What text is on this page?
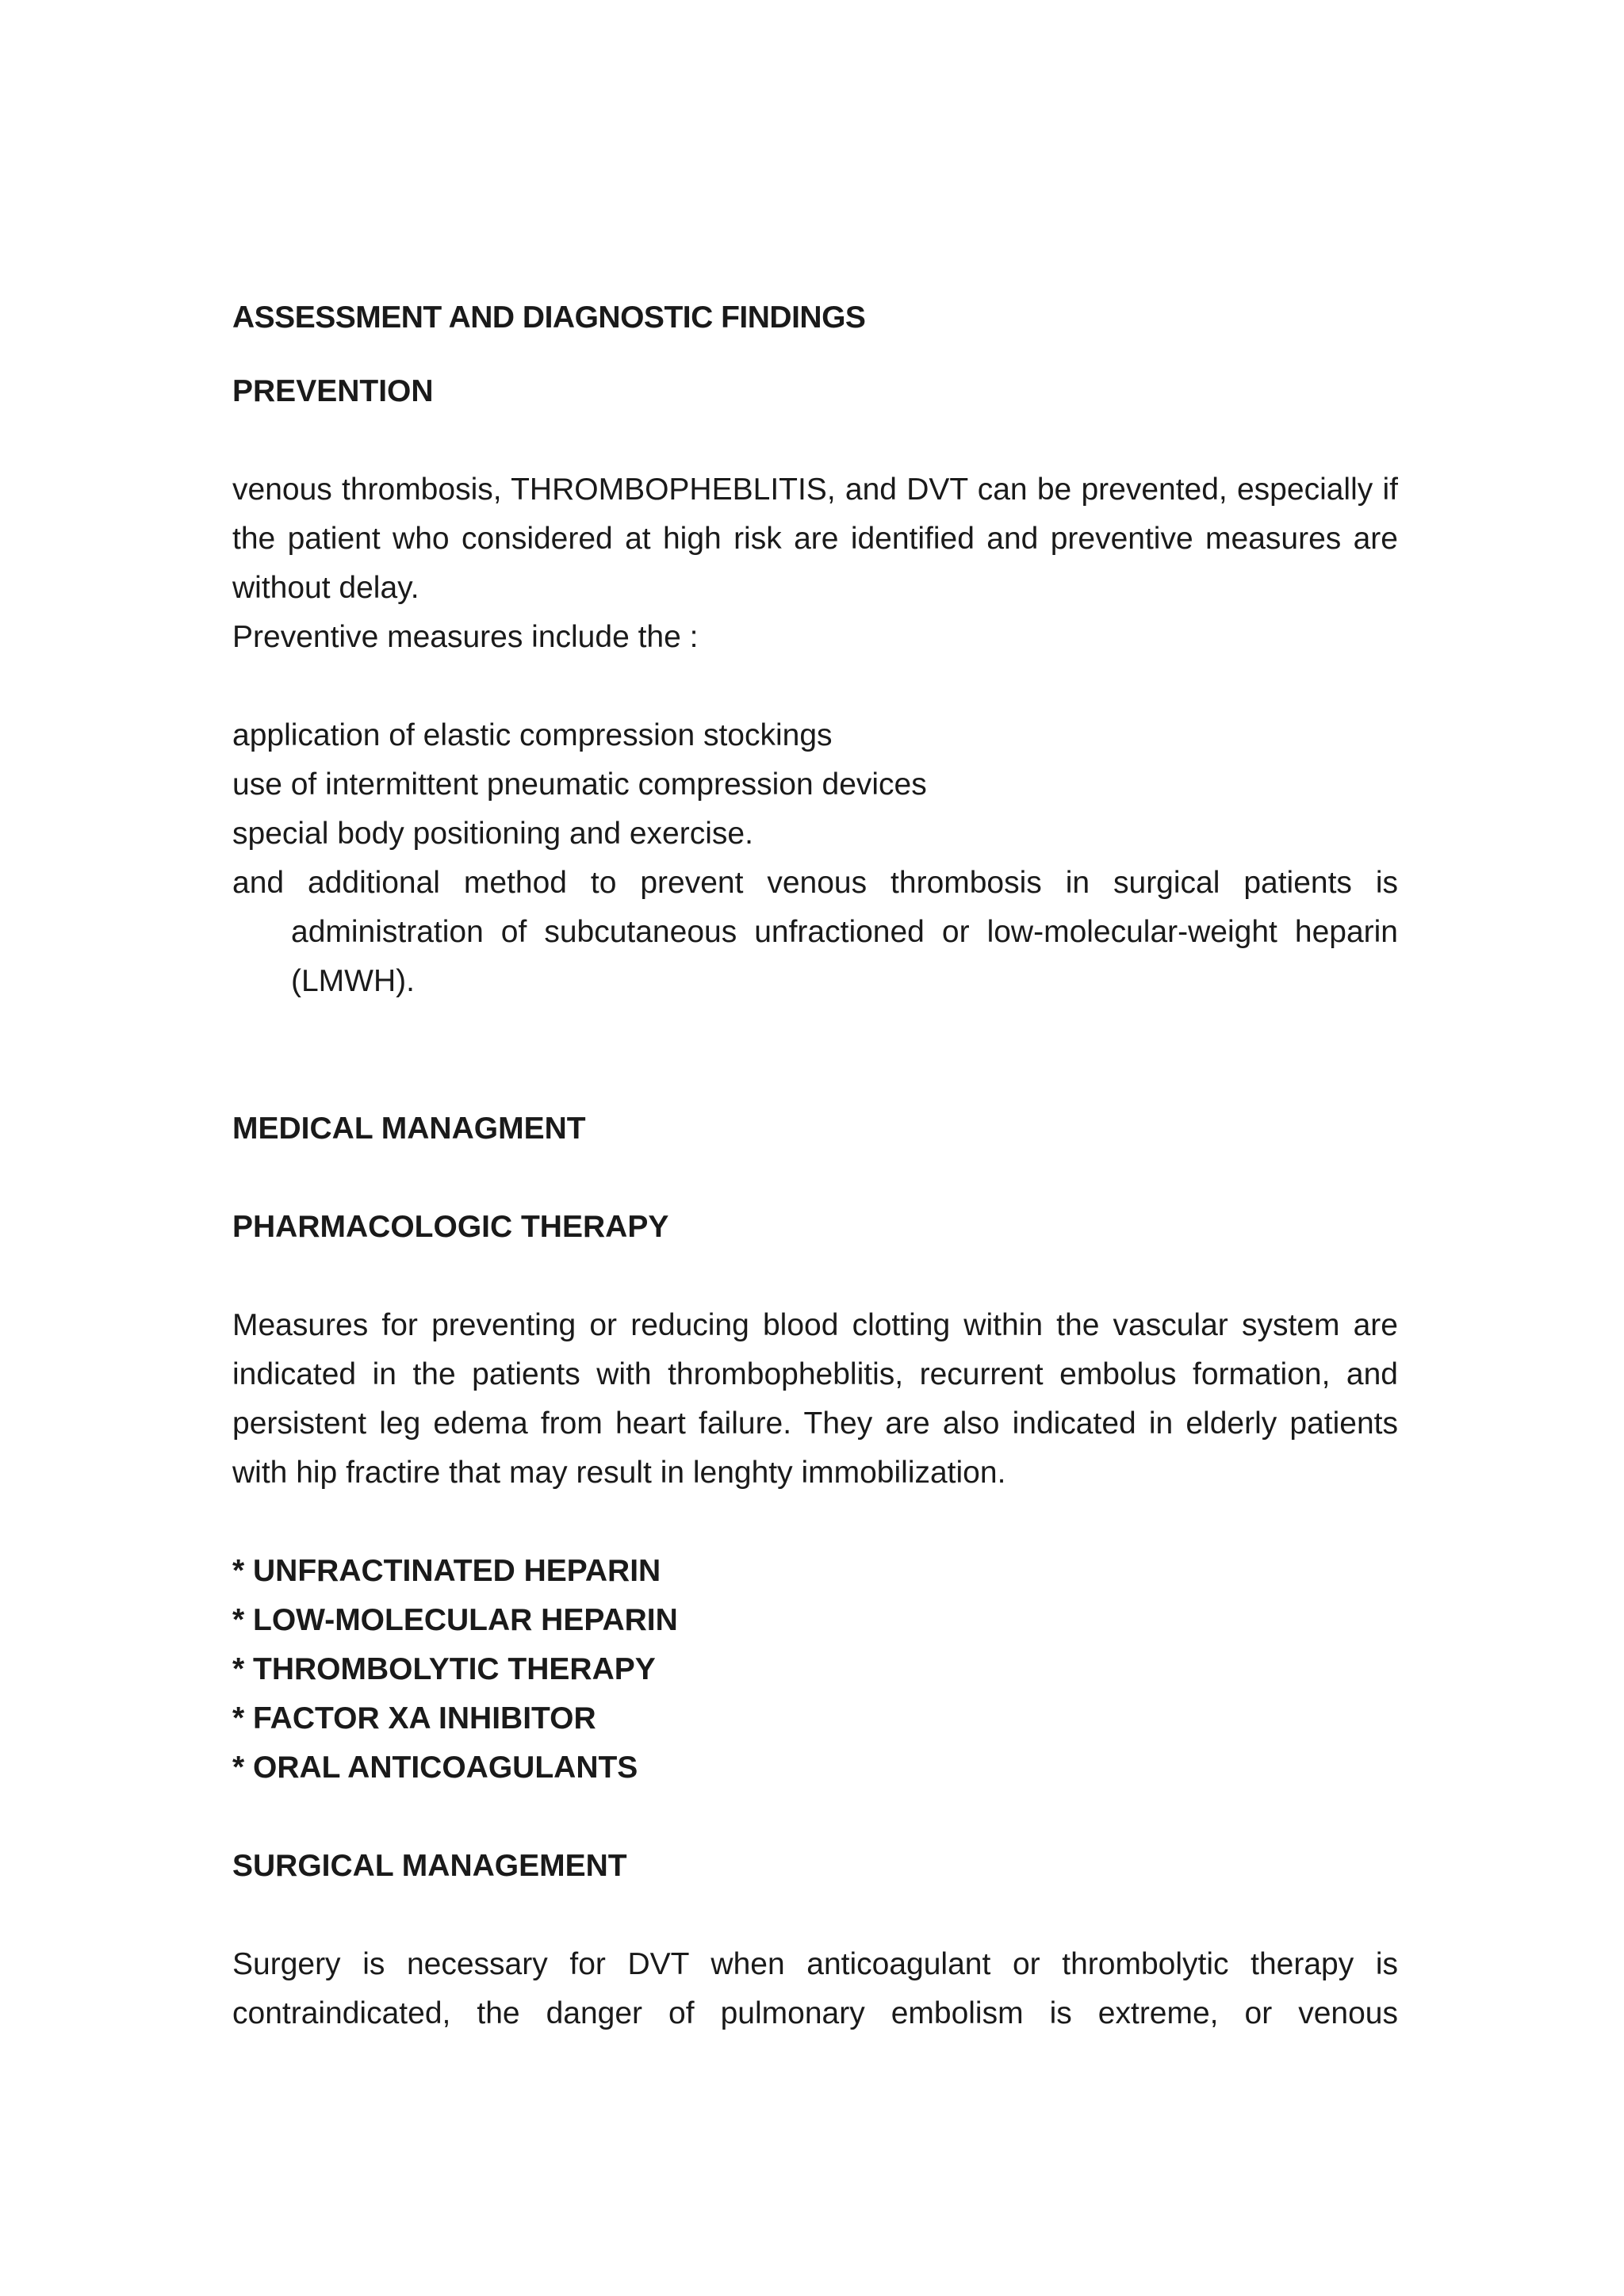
ASSESSMENT AND DIAGNOSTIC FINDINGS

PREVENTION

venous thrombosis, THROMBOPHEBLITIS, and DVT can be prevented, especially if the patient who considered at high risk are identified and preventive measures are without delay.

Preventive measures include the :

application of elastic compression stockings

use of intermittent pneumatic compression devices

special body positioning and exercise.

and additional method to prevent venous thrombosis in surgical patients is administration of subcutaneous unfractioned or low-molecular-weight heparin (LMWH).

MEDICAL MANAGMENT

PHARMACOLOGIC THERAPY

Measures for preventing or reducing blood clotting within the vascular system are indicated in the patients with thrombopheblitis, recurrent embolus formation, and persistent leg edema from heart failure. They are also indicated in elderly patients with hip fractire that may result in lenghty immobilization.

* UNFRACTINATED HEPARIN
* LOW-MOLECULAR HEPARIN
* THROMBOLYTIC THERAPY
* FACTOR XA INHIBITOR
* ORAL ANTICOAGULANTS

SURGICAL MANAGEMENT

Surgery is necessary for DVT when anticoagulant or thrombolytic therapy is contraindicated, the danger of pulmonary embolism is extreme, or venous
